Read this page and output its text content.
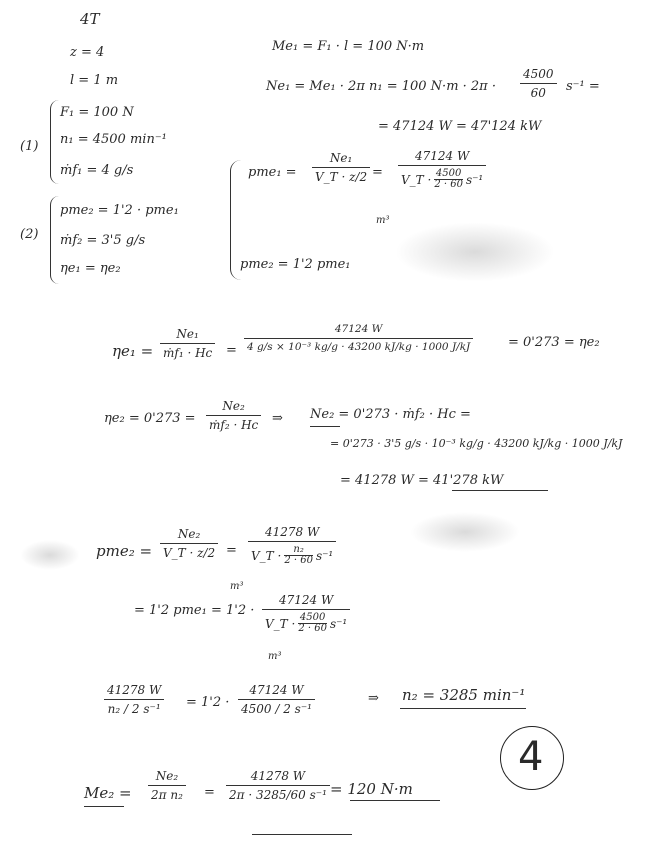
4T
z = 4
l = 1 m
(1)
F₁ = 100 N
n₁ = 4500 min⁻¹
ṁf₁ = 4 g/s
(2)
pme₂ = 1'2 · pme₁
ṁf₂ = 3'5 g/s
ηe₁ = ηe₂
Me₁ = F₁ · l = 100 N·m
Ne₁ = Me₁ · 2π n₁ = 100 N·m · 2π ·
4500
60 s⁻¹ =
= 47124 W = 47'124 kW
pme₁ =
Ne₁
V_T · z/2 =
47124 W
V_T · 4500
2 · 60 s⁻¹
m³
pme₂ = 1'2 pme₁
ηe₁ =
Ne₁
ṁf₁ · Hc =
47124 W
4 g/s × 10⁻³ kg/g · 43200 kJ/kg · 1000 J/kJ	= 0'273 = ηe₂
ηe₂ = 0'273 =
Ne₂
ṁf₂ · Hc ⇒ Ne₂ = 0'273 · ṁf₂ · Hc =
= 0'273 · 3'5 g/s · 10⁻³ kg/g · 43200 kJ/kg · 1000 J/kJ
= 41278 W = 41'278 kW
pme₂ =
Ne₂
V_T · z/2 =
41278 W
V_T · n₂
2 · 60 s⁻¹
m³
= 1'2 pme₁ = 1'2 ·
47124 W
V_T · 4500
2 · 60 s⁻¹
m³
41278 W
n₂ / 2 s⁻¹ = 1'2 ·
47124 W
4500 / 2 s⁻¹
⇒ n₂ = 3285 min⁻¹
Me₂ =
Ne₂
2π n₂ =
41278 W
2π · 3285/60 s⁻¹ = 120 N·m
4
